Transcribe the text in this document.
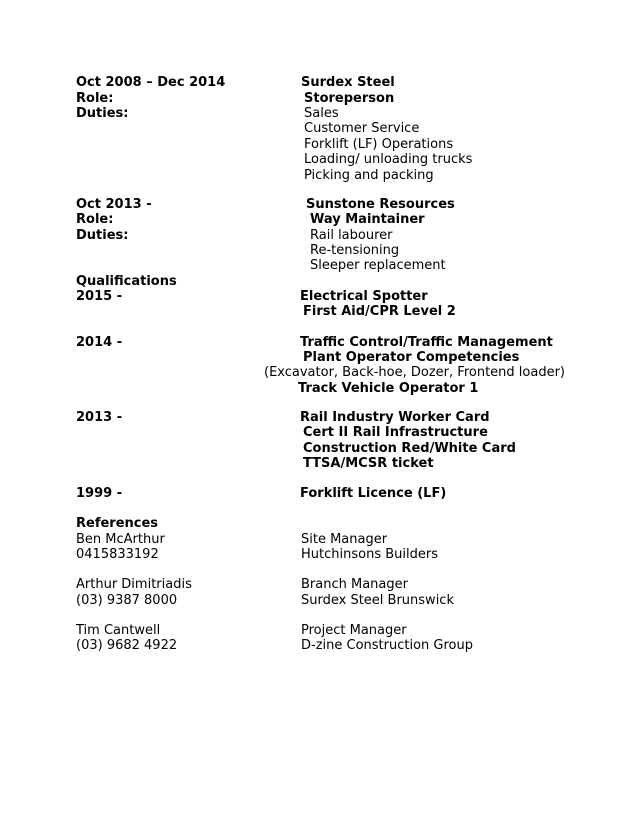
Oct 2008 – Dec 2014	Surdex Steel
Role:	Storeperson
Duties:	Sales
Customer Service
Forklift (LF) Operations
Loading/ unloading trucks
Picking and packing
Oct 2013 -	Sunstone Resources
Role:	Way Maintainer
Duties:	Rail labourer
Re-tensioning
Sleeper replacement
Qualifications
2015 -	Electrical Spotter
First Aid/CPR Level 2
2014 -	Traffic Control/Traffic Management
Plant Operator Competencies
(Excavator, Back-hoe, Dozer, Frontend loader)
Track Vehicle Operator 1
2013 -	Rail Industry Worker Card
Cert II Rail Infrastructure
Construction Red/White Card
TTSA/MCSR ticket
1999 -	Forklift Licence (LF)
References
Ben McArthur	Site Manager
0415833192	Hutchinsons Builders
Arthur Dimitriadis	Branch Manager
(03) 9387 8000	Surdex Steel Brunswick
Tim Cantwell	Project Manager
(03) 9682 4922	D-zine Construction Group
